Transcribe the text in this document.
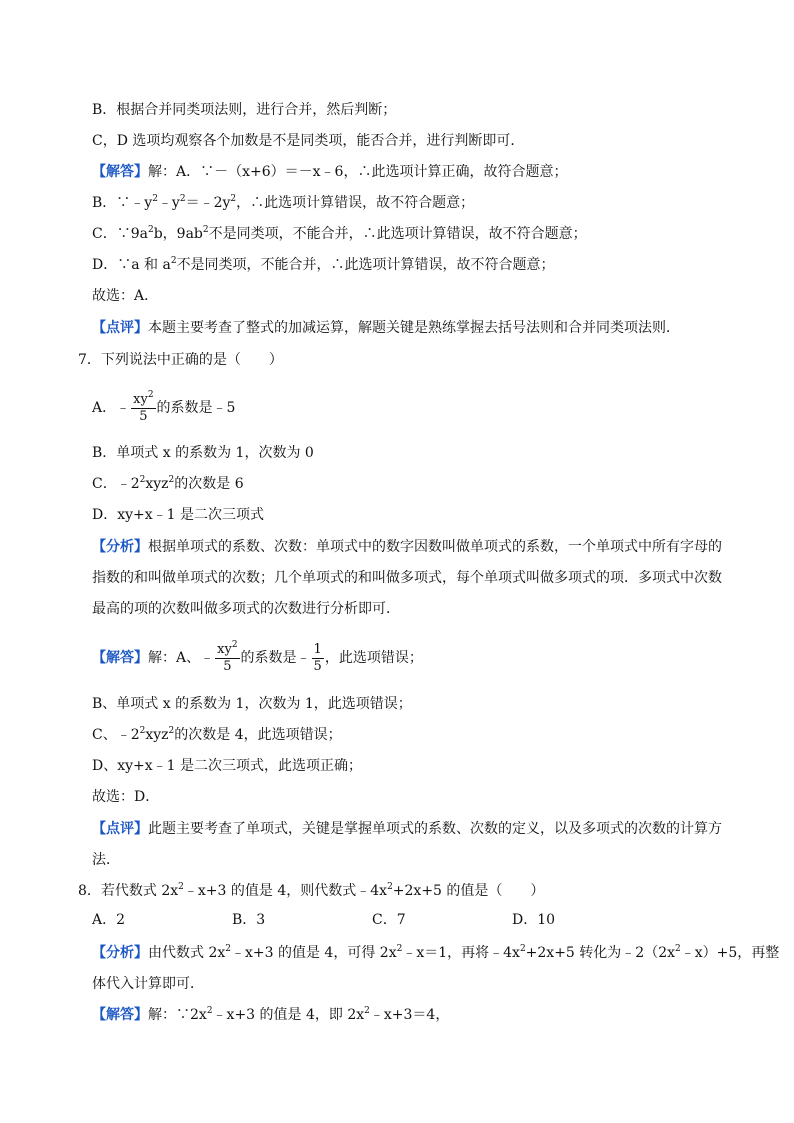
B．根据合并同类项法则，进行合并，然后判断；
C，D 选项均观察各个加数是不是同类项，能否合并，进行判断即可．
【解答】解：A．∵－（x+6）＝－x﹣6，∴此选项计算正确，故符合题意；
B．$\because﹣y^2﹣y^2=﹣2y^2$，∴此选项计算错误，故不符合题意；
C．$\because 9a^2b$，$9ab^2$不是同类项，不能合并，∴此选项计算错误，故不符合题意；
D．∵a 和 $a^2$不是同类项，不能合并，∴此选项计算错误，故不符合题意；
故选：A．
【点评】本题主要考查了整式的加减运算，解题关键是熟练掌握去括号法则和合并同类项法则．
7．下列说法中正确的是（　　）
A．﹣ $\frac{xy^2}{5}$ 的系数是﹣5
B．单项式 x 的系数为 1，次数为 0
C．$﹣2^2xyz^2$的次数是 6
D．xy+x﹣1 是二次三项式
【分析】根据单项式的系数、次数：单项式中的数字因数叫做单项式的系数，一个单项式中所有字母的
指数的和叫做单项式的次数；几个单项式的和叫做多项式，每个单项式叫做多项式的项．多项式中次数
最高的项的次数叫做多项式的次数进行分析即可．
【解答】解：A、﹣ $\frac{xy^2}{5}$ 的系数是﹣ $\frac{1}{5}$ ，此选项错误；
B、单项式 x 的系数为 1，次数为 1，此选项错误；
C、$﹣2^2xyz^2$的次数是 4，此选项错误；
D、xy+x﹣1 是二次三项式，此选项正确；
故选：D．
【点评】此题主要考查了单项式，关键是掌握单项式的系数、次数的定义，以及多项式的次数的计算方
法．
8．若代数式 $2x^2﹣x+3$ 的值是 4，则代数式$﹣4x^2+2x+5$ 的值是（　　）
A．2	B．3	C．7	D．10
【分析】由代数式 $2x^2﹣x+3$ 的值是 4，可得 $2x^2﹣x=1$，再将$﹣4x^2+2x+5$ 转化为$﹣2(2x^2﹣x)+5$，再整
体代入计算即可．
【解答】解：$\because 2x^2﹣x+3$ 的值是 4，即 $2x^2﹣x+3=4$，
